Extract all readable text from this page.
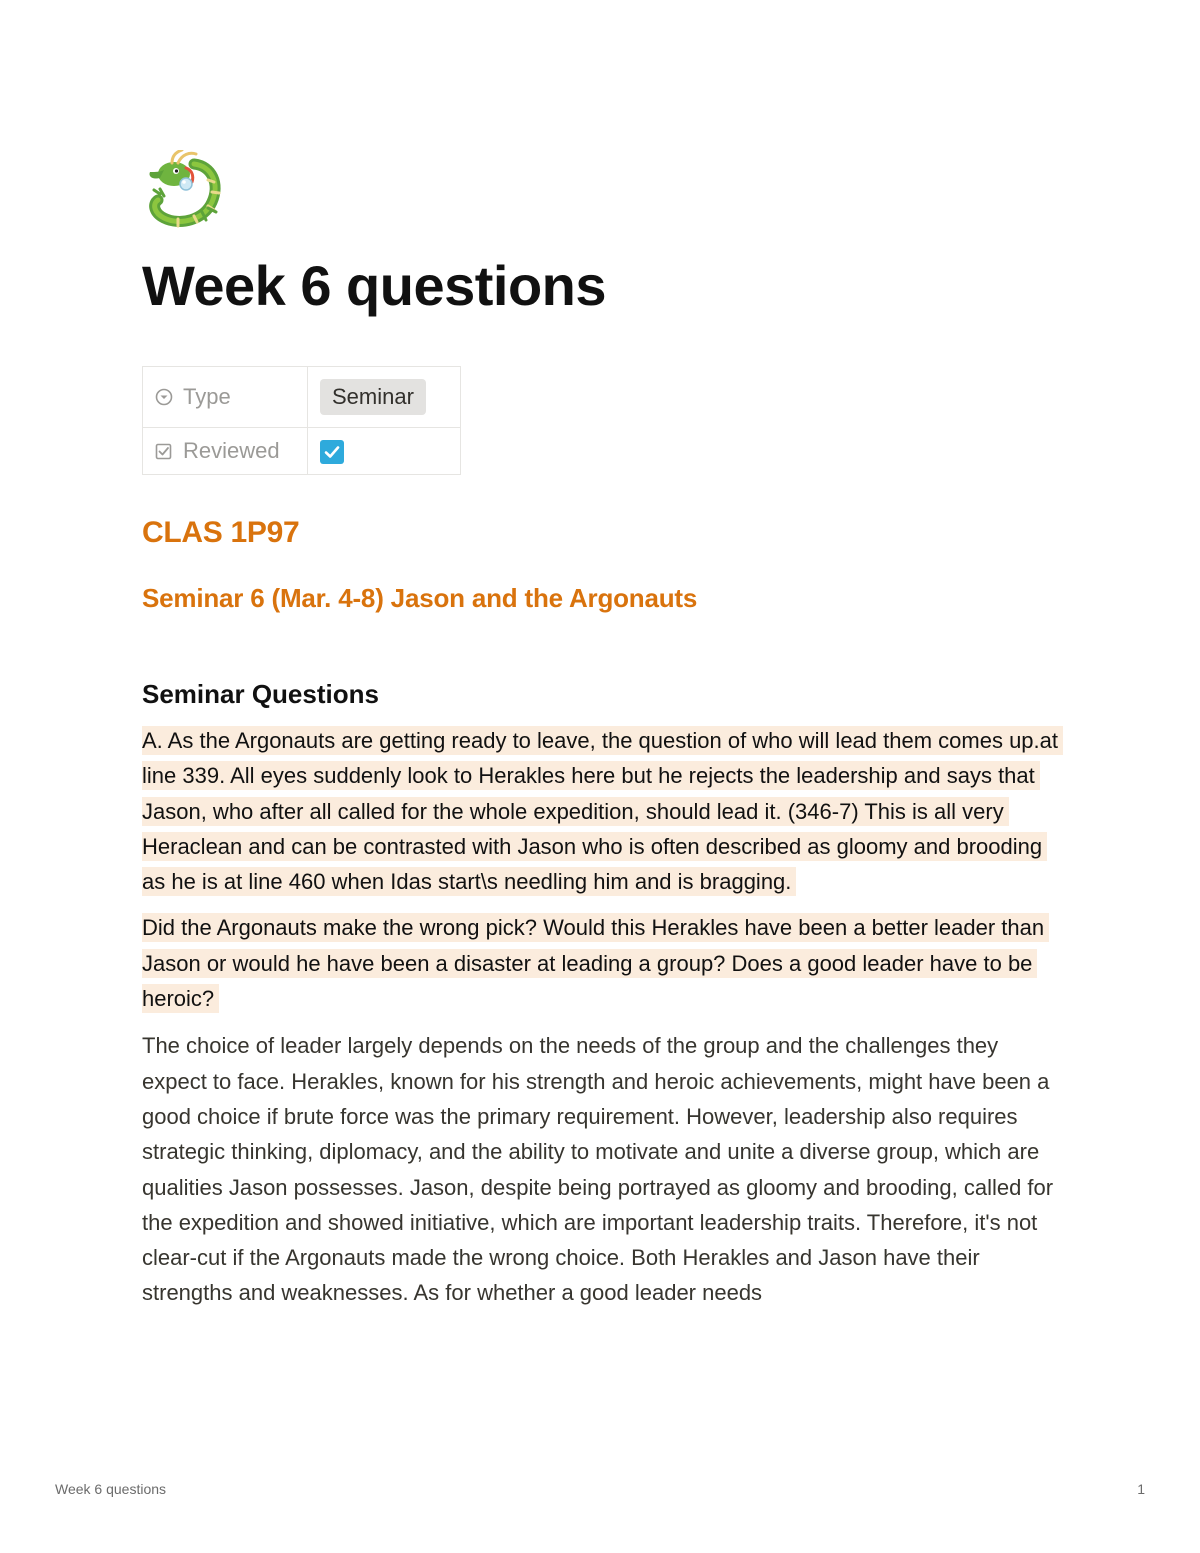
Week 6 questions
Type	Seminar
Reviewed	
CLAS 1P97
Seminar 6 (Mar. 4-8) Jason and the Argonauts
Seminar Questions

A. As the Argonauts are getting ready to leave, the question of who will lead them comes up.at line 339. All eyes suddenly look to Herakles here but he rejects the leadership and says that Jason, who after all called for the whole expedition, should lead it. (346-7) This is all very Heraclean and can be contrasted with Jason who is often described as gloomy and brooding as he is at line 460 when Idas start\s needling him and is bragging.

Did the Argonauts make the wrong pick? Would this Herakles have been a better leader than Jason or would he have been a disaster at leading a group? Does a good leader have to be heroic?

The choice of leader largely depends on the needs of the group and the challenges they expect to face. Herakles, known for his strength and heroic achievements, might have been a good choice if brute force was the primary requirement. However, leadership also requires strategic thinking, diplomacy, and the ability to motivate and unite a diverse group, which are qualities Jason possesses. Jason, despite being portrayed as gloomy and brooding, called for the expedition and showed initiative, which are important leadership traits. Therefore, it's not clear-cut if the Argonauts made the wrong choice. Both Herakles and Jason have their strengths and weaknesses. As for whether a good leader needs

Week 6 questions	1
